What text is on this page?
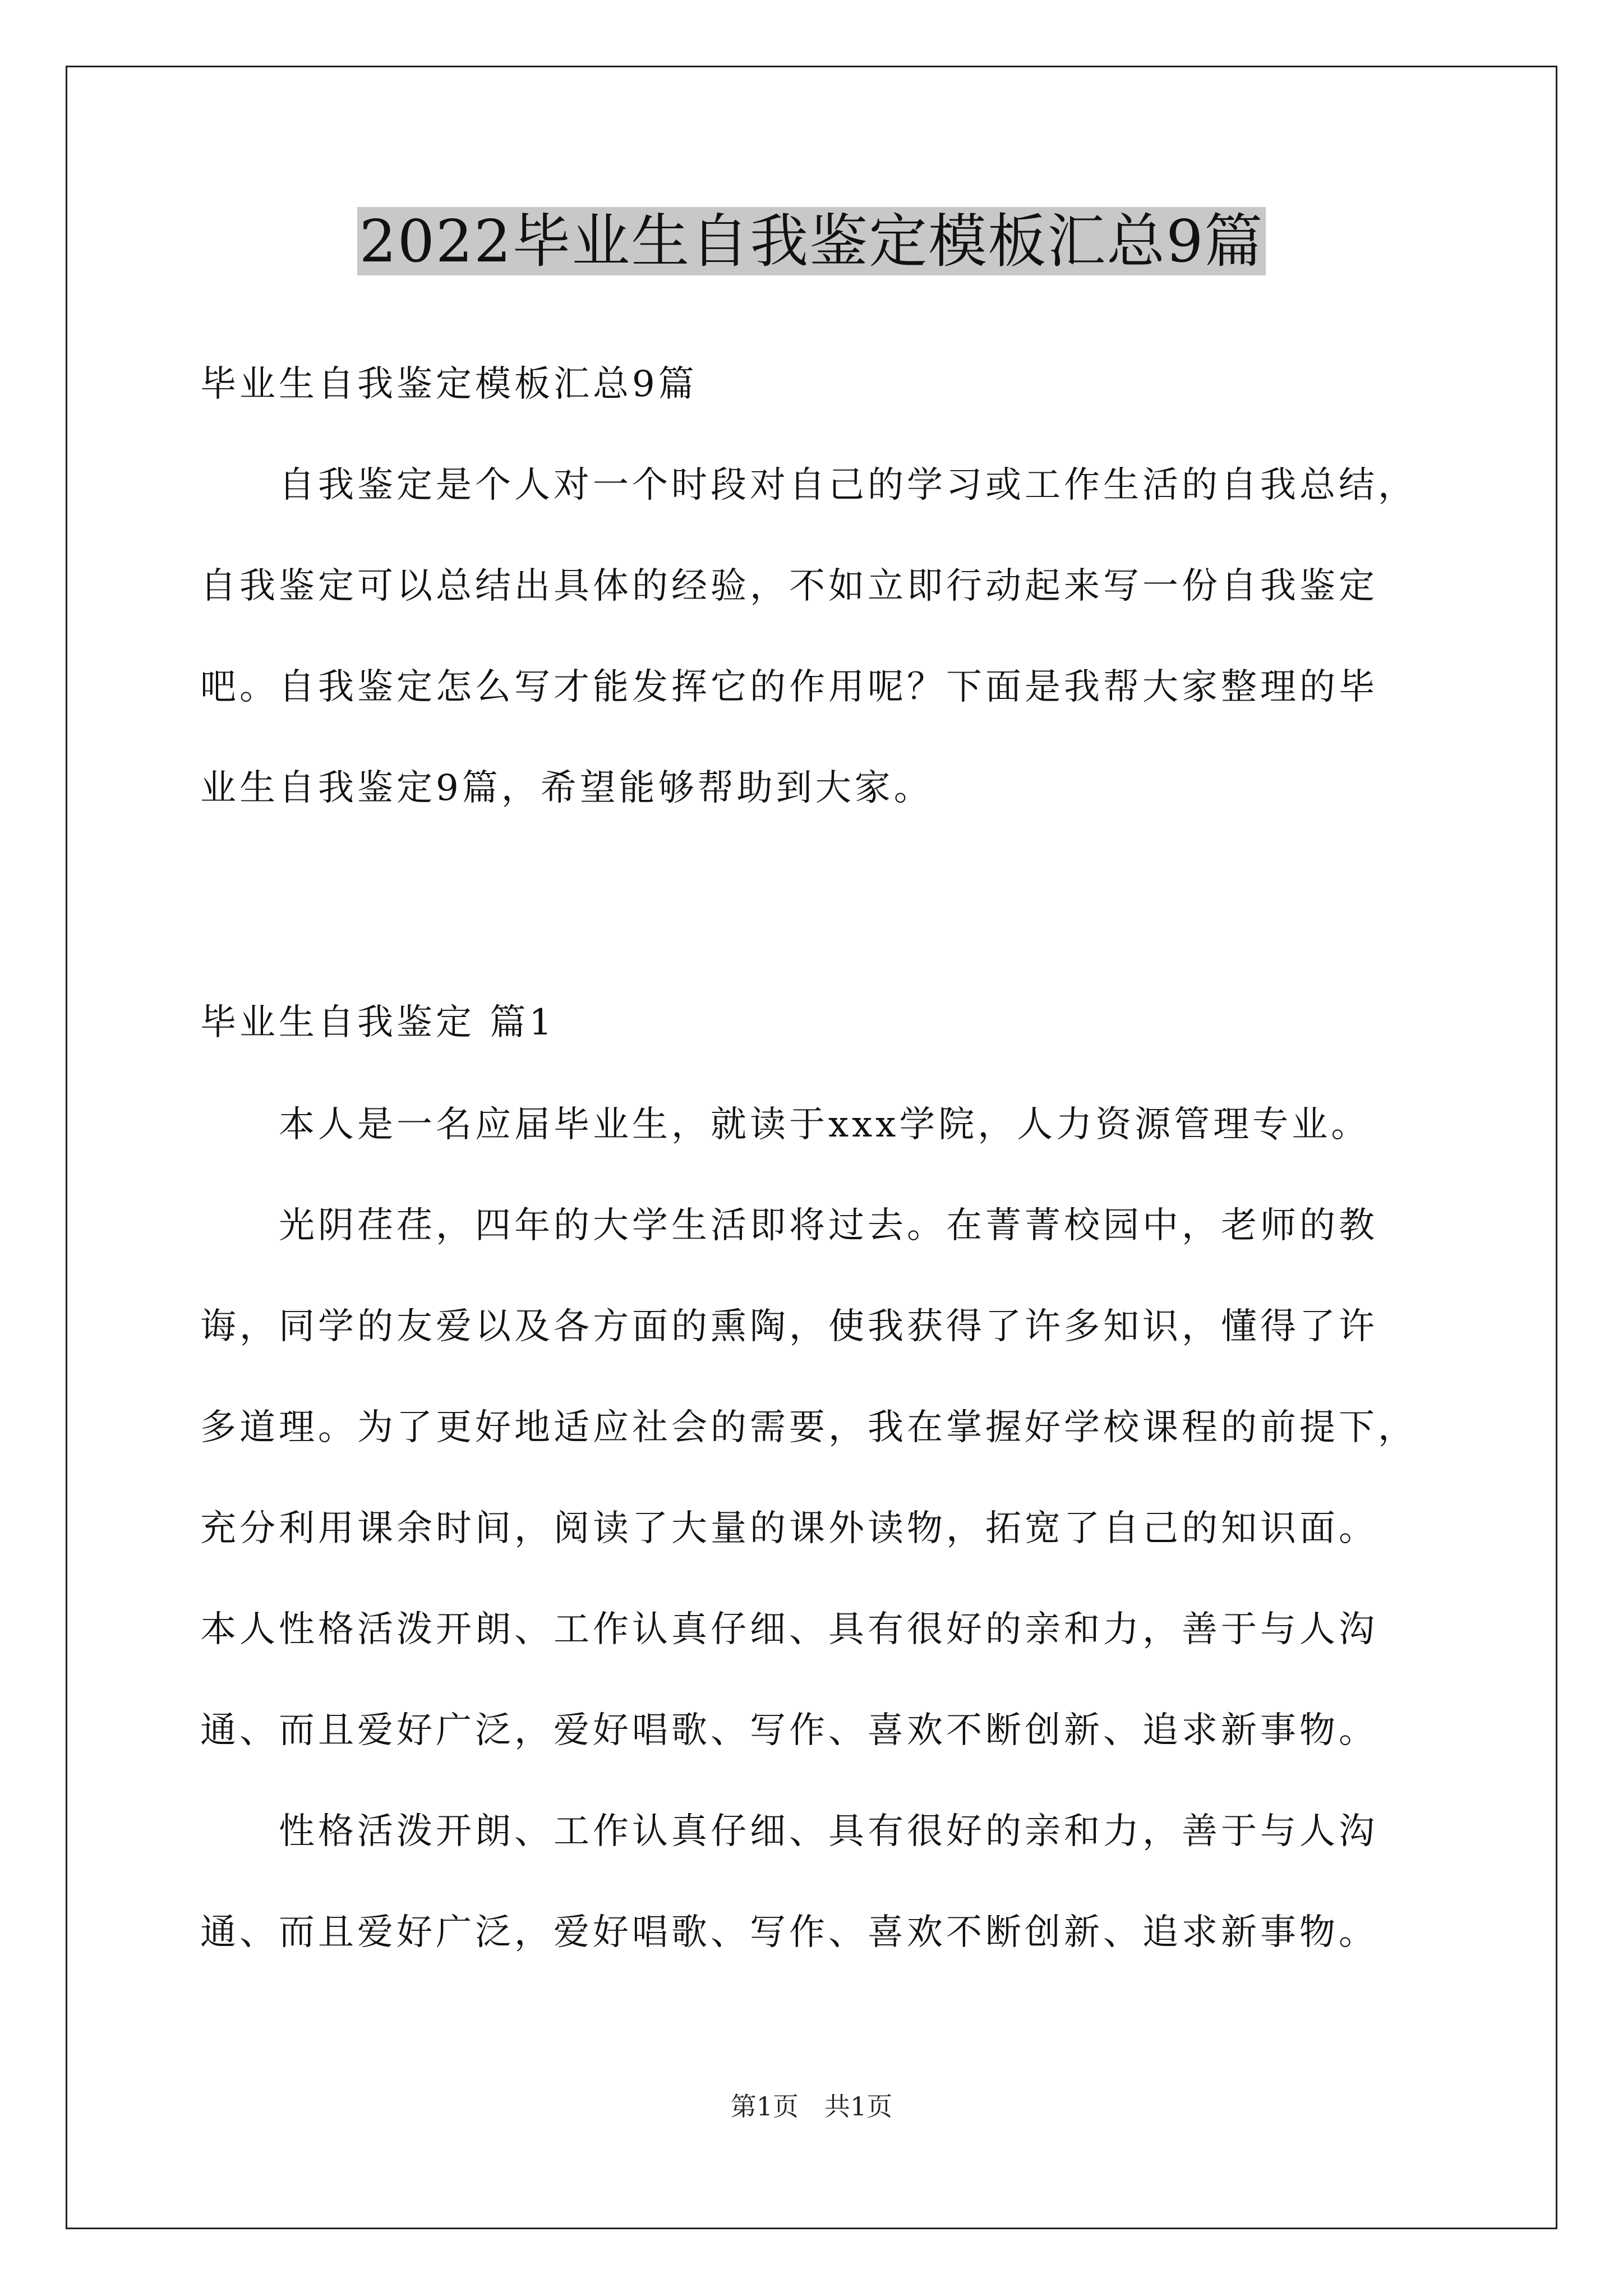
2022毕业生自我鉴定模板汇总9篇
毕业生自我鉴定模板汇总9篇
　　自我鉴定是个人对一个时段对自己的学习或工作生活的自我总结，
自我鉴定可以总结出具体的经验，不如立即行动起来写一份自我鉴定
吧。自我鉴定怎么写才能发挥它的作用呢？下面是我帮大家整理的毕
业生自我鉴定9篇，希望能够帮助到大家。
毕业生自我鉴定 篇1
　　本人是一名应届毕业生，就读于xxx学院，人力资源管理专业。
　　光阴荏荏，四年的大学生活即将过去。在菁菁校园中，老师的教
诲，同学的友爱以及各方面的熏陶，使我获得了许多知识，懂得了许
多道理。为了更好地适应社会的需要，我在掌握好学校课程的前提下，
充分利用课余时间，阅读了大量的课外读物，拓宽了自己的知识面。
本人性格活泼开朗、工作认真仔细、具有很好的亲和力，善于与人沟
通、而且爱好广泛，爱好唱歌、写作、喜欢不断创新、追求新事物。
　　性格活泼开朗、工作认真仔细、具有很好的亲和力，善于与人沟
通、而且爱好广泛，爱好唱歌、写作、喜欢不断创新、追求新事物。
第1页　共1页
